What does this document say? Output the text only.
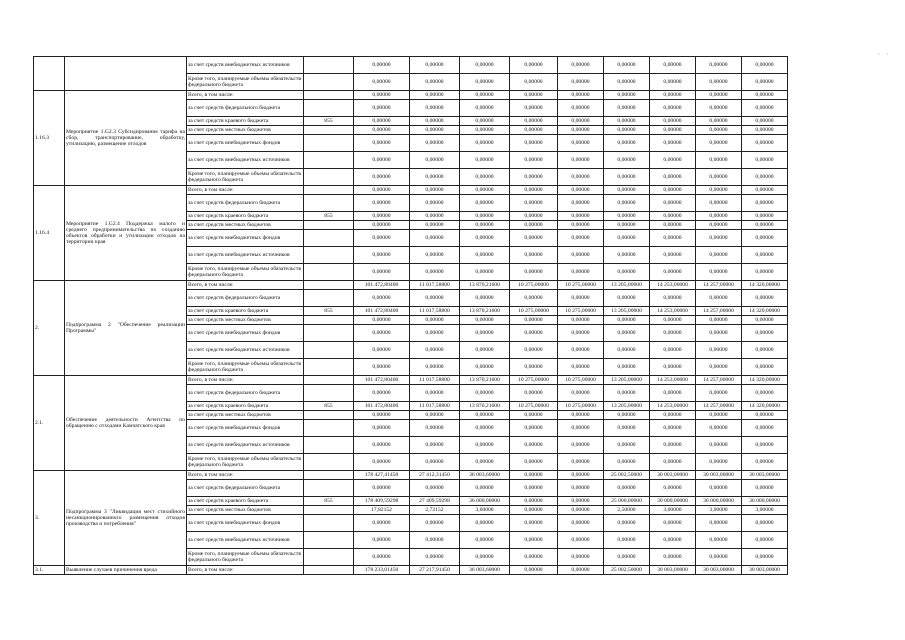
· ·
		за счет средств внебюджетных источников		0,00000	0,00000	0,00000	0,00000	0,00000	0,00000	0,00000	0,00000	0,00000
		Кроме того, планируемые объемы обязательств федерального бюджета		0,00000	0,00000	0,00000	0,00000	0,00000	0,00000	0,00000	0,00000	0,00000
1.16.3	Мероприятие 1.G2.3 Субсидирование тарифа на сбор, транспортирование, обработку, утилизацию, размещение отходов	Всего, в том числе:		0,00000	0,00000	0,00000	0,00000	0,00000	0,00000	0,00000	0,00000	0,00000
		за счет средств федерального бюджета		0,00000	0,00000	0,00000	0,00000	0,00000	0,00000	0,00000	0,00000	0,00000
		за счет средств краевого бюджета	855	0,00000	0,00000	0,00000	0,00000	0,00000	0,00000	0,00000	0,00000	0,00000
		за счет средств местных бюджетов		0,00000	0,00000	0,00000	0,00000	0,00000	0,00000	0,00000	0,00000	0,00000
		за счет средств внебюджетных фондов		0,00000	0,00000	0,00000	0,00000	0,00000	0,00000	0,00000	0,00000	0,00000
		за счет средств внебюджетных источников		0,00000	0,00000	0,00000	0,00000	0,00000	0,00000	0,00000	0,00000	0,00000
		Кроме того, планируемые объемы обязательств федерального бюджета		0,00000	0,00000	0,00000	0,00000	0,00000	0,00000	0,00000	0,00000	0,00000
1.16.4	Мероприятие 1.G2.4 Поддержка малого и среднего предпринимательства по созданию объектов обработки и утилизации отходов на территории края	Всего, в том числе:		0,00000	0,00000	0,00000	0,00000	0,00000	0,00000	0,00000	0,00000	0,00000
		за счет средств федерального бюджета		0,00000	0,00000	0,00000	0,00000	0,00000	0,00000	0,00000	0,00000	0,00000
		за счет средств краевого бюджета	855	0,00000	0,00000	0,00000	0,00000	0,00000	0,00000	0,00000	0,00000	0,00000
		за счет средств местных бюджетов		0,00000	0,00000	0,00000	0,00000	0,00000	0,00000	0,00000	0,00000	0,00000
		за счет средств внебюджетных фондов		0,00000	0,00000	0,00000	0,00000	0,00000	0,00000	0,00000	0,00000	0,00000
		за счет средств внебюджетных источников		0,00000	0,00000	0,00000	0,00000	0,00000	0,00000	0,00000	0,00000	0,00000
		Кроме того, планируемые объемы обязательств федерального бюджета		0,00000	0,00000	0,00000	0,00000	0,00000	0,00000	0,00000	0,00000	0,00000
2.	Подпрограмма 2 "Обеспечение реализации Программы"	Всего, в том числе:		101 472,80400	11 017,58800	13 870,21600	10 275,00000	10 275,00000	13 205,00000	14 253,00000	14 257,00000	14 320,00000
		за счет средств федерального бюджета		0,00000	0,00000	0,00000	0,00000	0,00000	0,00000	0,00000	0,00000	0,00000
		за счет средств краевого бюджета	855	101 472,80400	11 017,58800	13 870,21600	10 275,00000	10 275,00000	13 205,00000	14 253,00000	14 257,00000	14 320,00000
		за счет средств местных бюджетов		0,00000	0,00000	0,00000	0,00000	0,00000	0,00000	0,00000	0,00000	0,00000
		за счет средств внебюджетных фондов		0,00000	0,00000	0,00000	0,00000	0,00000	0,00000	0,00000	0,00000	0,00000
		за счет средств внебюджетных источников		0,00000	0,00000	0,00000	0,00000	0,00000	0,00000	0,00000	0,00000	0,00000
		Кроме того, планируемые объемы обязательств федерального бюджета		0,00000	0,00000	0,00000	0,00000	0,00000	0,00000	0,00000	0,00000	0,00000
2.1.	Обеспечение деятельности Агентства по обращению с отходами Камчатского края	Всего, в том числе:		101 472,80400	11 017,58800	13 870,21600	10 275,00000	10 275,00000	13 205,00000	14 253,00000	14 257,00000	14 320,00000
		за счет средств федерального бюджета		0,00000	0,00000	0,00000	0,00000	0,00000	0,00000	0,00000	0,00000	0,00000
		за счет средств краевого бюджета	855	101 472,80400	11 017,58800	13 870,21600	10 275,00000	10 275,00000	13 205,00000	14 253,00000	14 257,00000	14 320,00000
		за счет средств местных бюджетов		0,00000	0,00000	0,00000	0,00000	0,00000	0,00000	0,00000	0,00000	0,00000
		за счет средств внебюджетных фондов		0,00000	0,00000	0,00000	0,00000	0,00000	0,00000	0,00000	0,00000	0,00000
		за счет средств внебюджетных источников		0,00000	0,00000	0,00000	0,00000	0,00000	0,00000	0,00000	0,00000	0,00000
		Кроме того, планируемые объемы обязательств федерального бюджета		0,00000	0,00000	0,00000	0,00000	0,00000	0,00000	0,00000	0,00000	0,00000
3.	Подпрограмма 3 "Ликвидация мест стихийного несанкционированного размещения отходов производства и потребления"	Всего, в том числе:		178 427,41450	27 412,31450	36 003,60000	0,00000	0,00000	25 002,50000	30 003,00000	30 003,00000	30 003,00000
		за счет средств федерального бюджета		0,00000	0,00000	0,00000	0,00000	0,00000	0,00000	0,00000	0,00000	0,00000
		за счет средств краевого бюджета	855	178 409,59298	27 409,59298	36 000,00000	0,00000	0,00000	25 000,00000	30 000,00000	30 000,00000	30 000,00000
		за счет средств местных бюджетов		17,82152	2,72152	3,60000	0,00000	0,00000	2,50000	3,00000	3,00000	3,00000
		за счет средств внебюджетных фондов		0,00000	0,00000	0,00000	0,00000	0,00000	0,00000	0,00000	0,00000	0,00000
		за счет средств внебюджетных источников		0,00000	0,00000	0,00000	0,00000	0,00000	0,00000	0,00000	0,00000	0,00000
		Кроме того, планируемые объемы обязательств федерального бюджета		0,00000	0,00000	0,00000	0,00000	0,00000	0,00000	0,00000	0,00000	0,00000
3.1.	Выявление случаев причинения вреда	Всего, в том числе:		178 233,01450	27 217,91450	36 003,60000	0,00000	0,00000	25 002,50000	30 003,00000	30 003,00000	30 003,00000
